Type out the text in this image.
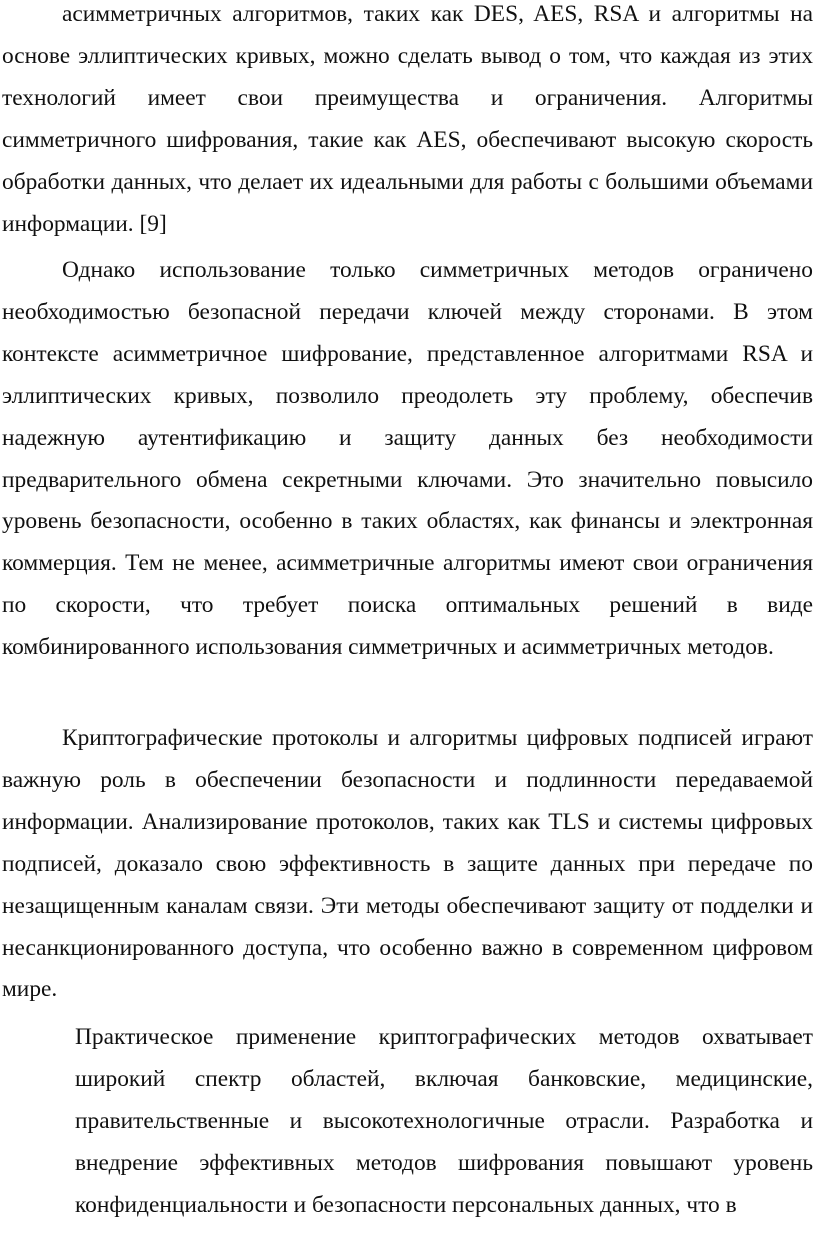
асимметричных алгоритмов, таких как DES, AES, RSA и алгоритмы на основе эллиптических кривых, можно сделать вывод о том, что каждая из этих технологий имеет свои преимущества и ограничения. Алгоритмы симметричного шифрования, такие как AES, обеспечивают высокую скорость обработки данных, что делает их идеальными для работы с большими объемами информации. [9]

Однако использование только симметричных методов ограничено необходимостью безопасной передачи ключей между сторонами. В этом контексте асимметричное шифрование, представленное алгоритмами RSA и эллиптических кривых, позволило преодолеть эту проблему, обеспечив надежную аутентификацию и защиту данных без необходимости предварительного обмена секретными ключами. Это значительно повысило уровень безопасности, особенно в таких областях, как финансы и электронная коммерция. Тем не менее, асимметричные алгоритмы имеют свои ограничения по скорости, что требует поиска оптимальных решений в виде комбинированного использования симметричных и асимметричных методов.

Криптографические протоколы и алгоритмы цифровых подписей играют важную роль в обеспечении безопасности и подлинности передаваемой информации. Анализирование протоколов, таких как TLS и системы цифровых подписей, доказало свою эффективность в защите данных при передаче по незащищенным каналам связи. Эти методы обеспечивают защиту от подделки и несанкционированного доступа, что особенно важно в современном цифровом мире.

Практическое применение криптографических методов охватывает широкий спектр областей, включая банковские, медицинские, правительственные и высокотехнологичные отрасли. Разработка и внедрение эффективных методов шифрования повышают уровень конфиденциальности и безопасности персональных данных, что в
